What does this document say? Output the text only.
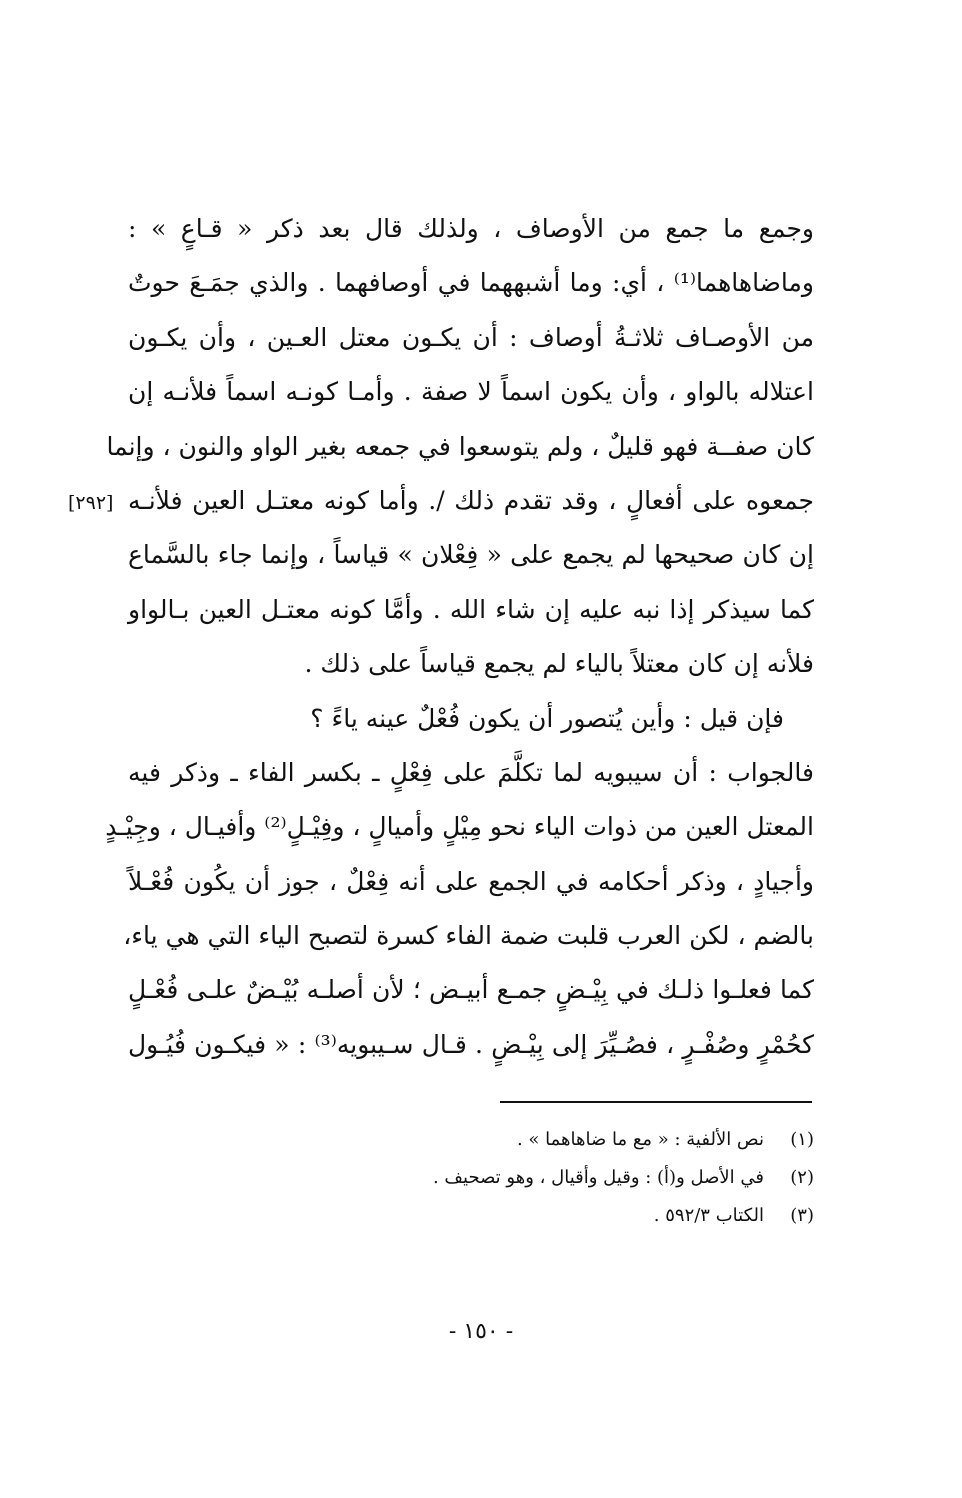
وجمع ما جمع من الأوصاف ، ولذلك قال بعد ذكر « قـاعٍ » :
وماضاهاهما⁽¹⁾ ، أي: وما أشبههما في أوصافهما . والذي جمَـعَ حوتٌ
من الأوصـاف ثلاثـةُ أوصاف : أن يكـون معتل العـين ، وأن يكـون
اعتلاله بالواو ، وأن يكون اسماً لا صفة . وأمـا كونـه اسماً فلأنـه إن
كان صفــة فهو قليلٌ ، ولم يتوسعوا في جمعه بغير الواو والنون ، وإنما
جمعوه على أفعالٍ ، وقد تقدم ذلك /. وأما كونه معتـل العين فلأنـه
إن كان صحيحها لم يجمع على « فِعْلان » قياساً ، وإنما جاء بالسَّماع
كما سيذكر إذا نبه عليه إن شاء الله . وأمَّا كونه معتـل العين بـالواو
فلأنه إن كان معتلاً بالياء لم يجمع قياساً على ذلك .
فإن قيل : وأين يُتصور أن يكون فُعْلٌ عينه ياءً ؟
فالجواب : أن سيبويه لما تكلَّمَ على فِعْلٍ ـ بكسر الفاء ـ وذكر فيه
المعتل العين من ذوات الياء نحو مِيْلٍ وأميالٍ ، وفِيْـلٍ⁽²⁾ وأفيـال ، وجِيْـدٍ
وأجيادٍ ، وذكر أحكامه في الجمع على أنه فِعْلٌ ، جوز أن يكُون فُعْـلاً
بالضم ، لكن العرب قلبت ضمة الفاء كسرة لتصبح الياء التي هي ياء،
كما فعلـوا ذلـك في بِيْـضٍ جمـع أبيـض ؛ لأن أصلـه بُيْـضٌ علـى فُعْـلٍ
كحُمْرٍ وصُفْـرٍ ، فصُـيِّرَ إلى بِيْـضٍ . قـال سـيبويه⁽³⁾ : « فيكـون فُيُـول
[٢٩٢]
(١)
نص الألفية : « مع ما ضاهاهما » .
(٢)
في الأصل و(أ) : وقيل وأقيال ، وهو تصحيف .
(٣)
الكتاب ٥٩٢/٣ .
- ١٥٠ -
